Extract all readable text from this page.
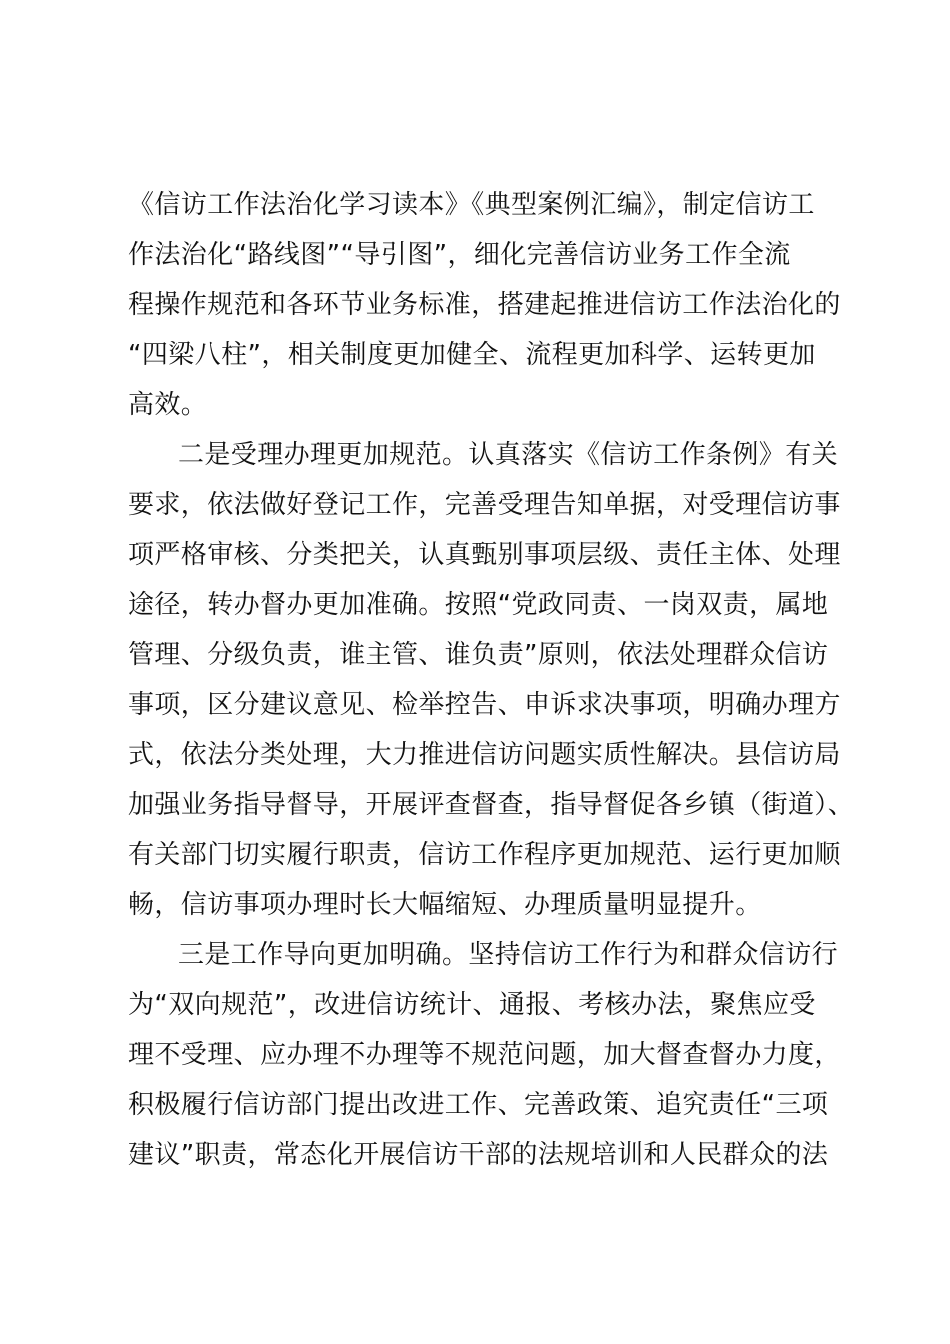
《信访工作法治化学习读本》《典型案例汇编》，制定信访工
作法治化“路线图”“导引图”，细化完善信访业务工作全流
程操作规范和各环节业务标准，搭建起推进信访工作法治化的
“四梁八柱”，相关制度更加健全、流程更加科学、运转更加
高效。
二是受理办理更加规范。认真落实《信访工作条例》有关
要求，依法做好登记工作，完善受理告知单据，对受理信访事
项严格审核、分类把关，认真甄别事项层级、责任主体、处理
途径，转办督办更加准确。按照“党政同责、一岗双责，属地
管理、分级负责，谁主管、谁负责”原则，依法处理群众信访
事项，区分建议意见、检举控告、申诉求决事项，明确办理方
式，依法分类处理，大力推进信访问题实质性解决。县信访局
加强业务指导督导，开展评查督查，指导督促各乡镇（街道）、
有关部门切实履行职责，信访工作程序更加规范、运行更加顺
畅，信访事项办理时长大幅缩短、办理质量明显提升。
三是工作导向更加明确。坚持信访工作行为和群众信访行
为“双向规范”，改进信访统计、通报、考核办法，聚焦应受
理不受理、应办理不办理等不规范问题，加大督查督办力度，
积极履行信访部门提出改进工作、完善政策、追究责任“三项
建议”职责，常态化开展信访干部的法规培训和人民群众的法
